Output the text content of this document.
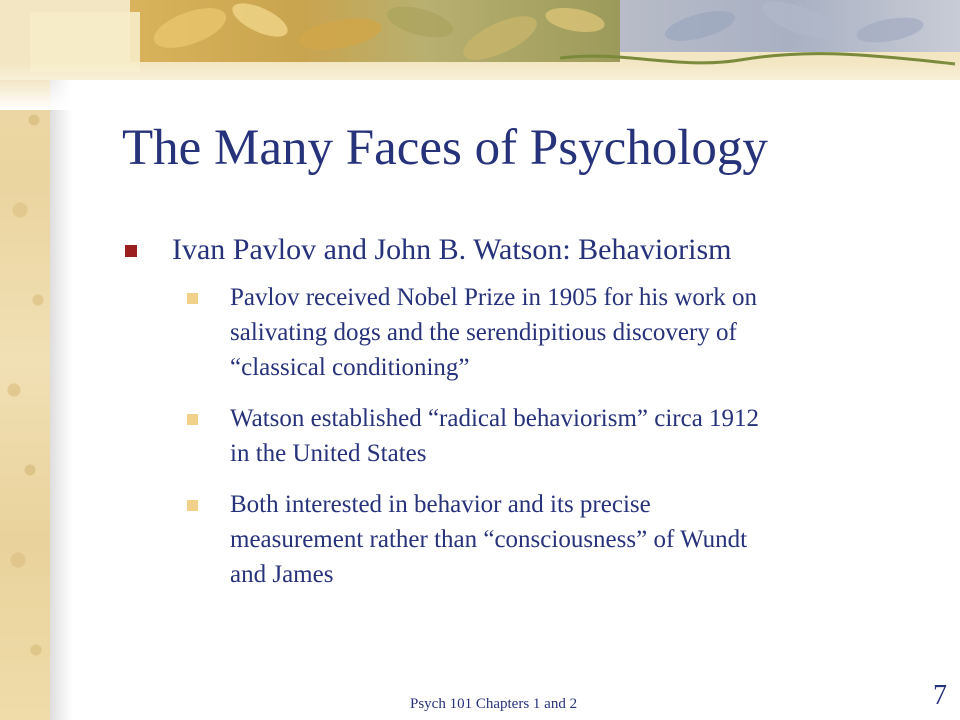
The Many Faces of Psychology
Ivan Pavlov and John B. Watson: Behaviorism
Pavlov received Nobel Prize in 1905 for his work on
salivating dogs and the serendipitious discovery of
“classical conditioning”
Watson established “radical behaviorism” circa 1912
in the United States
Both interested in behavior and its precise
measurement rather than “consciousness” of Wundt
and James
Psych 101 Chapters 1 and 2	7
